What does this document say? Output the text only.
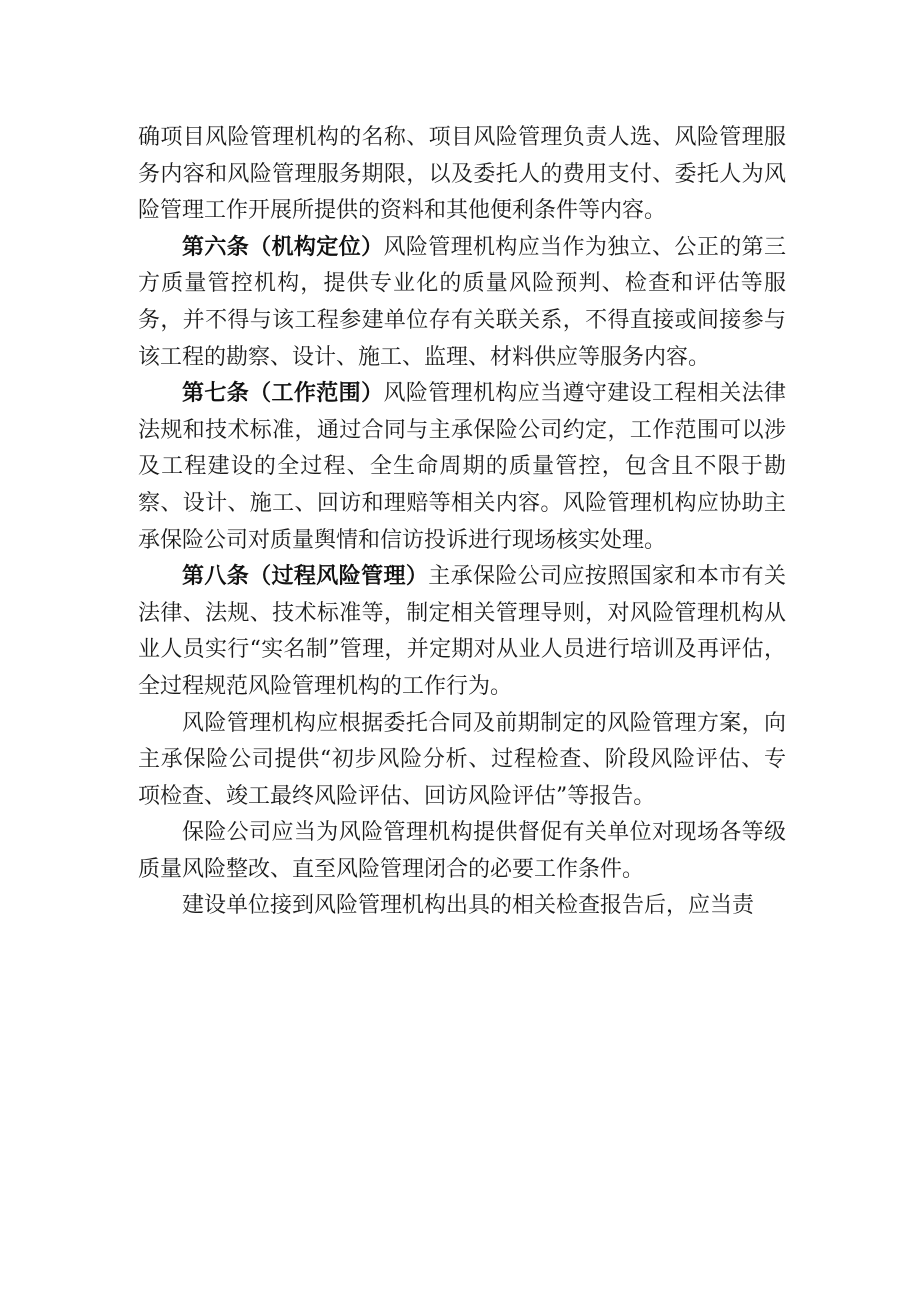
确项目风险管理机构的名称、项目风险管理负责人选、风险管理服务内容和风险管理服务期限，以及委托人的费用支付、委托人为风险管理工作开展所提供的资料和其他便利条件等内容。

第六条（机构定位）风险管理机构应当作为独立、公正的第三方质量管控机构，提供专业化的质量风险预判、检查和评估等服务，并不得与该工程参建单位存有关联关系，不得直接或间接参与该工程的勘察、设计、施工、监理、材料供应等服务内容。

第七条（工作范围）风险管理机构应当遵守建设工程相关法律法规和技术标准，通过合同与主承保险公司约定，工作范围可以涉及工程建设的全过程、全生命周期的质量管控，包含且不限于勘察、设计、施工、回访和理赔等相关内容。风险管理机构应协助主承保险公司对质量舆情和信访投诉进行现场核实处理。

第八条（过程风险管理）主承保险公司应按照国家和本市有关法律、法规、技术标准等，制定相关管理导则，对风险管理机构从业人员实行“实名制”管理，并定期对从业人员进行培训及再评估，全过程规范风险管理机构的工作行为。

风险管理机构应根据委托合同及前期制定的风险管理方案，向主承保险公司提供“初步风险分析、过程检查、阶段风险评估、专项检查、竣工最终风险评估、回访风险评估”等报告。

保险公司应当为风险管理机构提供督促有关单位对现场各等级质量风险整改、直至风险管理闭合的必要工作条件。

建设单位接到风险管理机构出具的相关检查报告后，应当责
